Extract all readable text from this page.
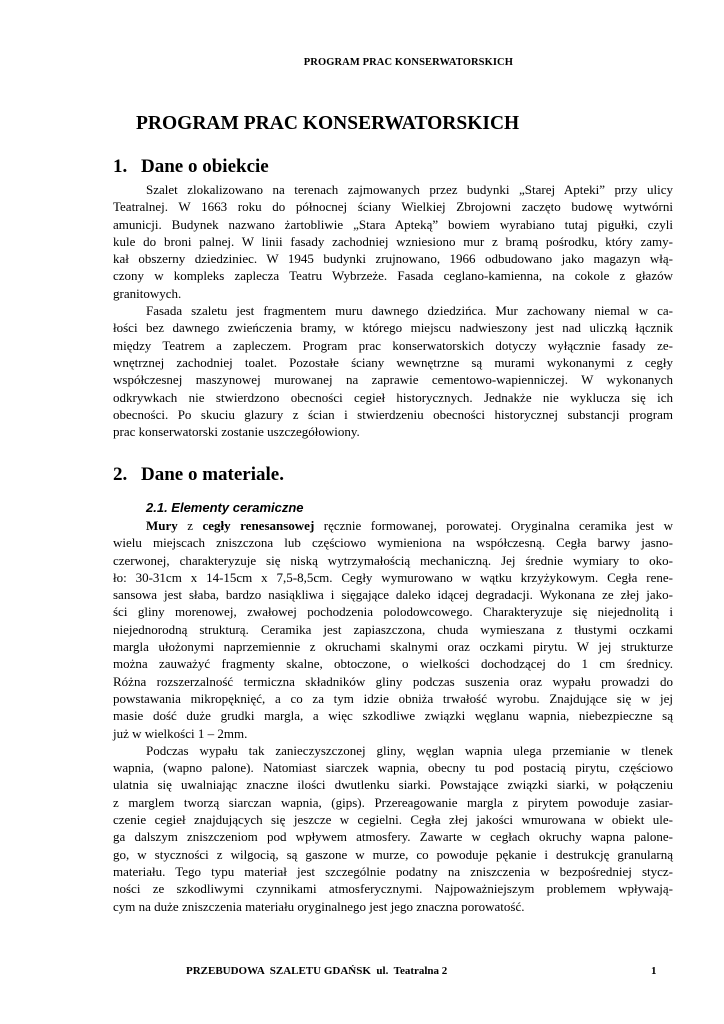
PROGRAM PRAC KONSERWATORSKICH
PROGRAM PRAC KONSERWATORSKICH
1. Dane o obiekcie
Szalet zlokalizowano na terenach zajmowanych przez budynki „Starej Apteki” przy ulicy
Teatralnej. W 1663 roku do północnej ściany Wielkiej Zbrojowni zaczęto budowę wytwórni
amunicji. Budynek nazwano żartobliwie „Stara Apteką” bowiem wyrabiano tutaj pigułki, czyli
kule do broni palnej. W linii fasady zachodniej wzniesiono mur z bramą pośrodku, który zamy-
kał obszerny dziedziniec. W 1945 budynki zrujnowano, 1966 odbudowano jako magazyn włą-
czony w kompleks zaplecza Teatru Wybrzeże. Fasada ceglano-kamienna, na cokole z głazów
granitowych.
Fasada szaletu jest fragmentem muru dawnego dziedzińca. Mur zachowany niemal w ca-
łości bez dawnego zwieńczenia bramy, w którego miejscu nadwieszony jest nad uliczką łącznik
między Teatrem a zapleczem. Program prac konserwatorskich dotyczy wyłącznie fasady ze-
wnętrznej zachodniej toalet. Pozostałe ściany wewnętrzne są murami wykonanymi z cegły
współczesnej maszynowej murowanej na zaprawie cementowo-wapienniczej. W wykonanych
odkrywkach nie stwierdzono obecności cegieł historycznych. Jednakże nie wyklucza się ich
obecności. Po skuciu glazury z ścian i stwierdzeniu obecności historycznej substancji program
prac konserwatorski zostanie uszczegółowiony.
2. Dane o materiale.
2.1. Elementy ceramiczne
Mury z cegły renesansowej ręcznie formowanej, porowatej. Oryginalna ceramika jest w
wielu miejscach zniszczona lub częściowo wymieniona na współczesną. Cegła barwy jasno-
czerwonej, charakteryzuje się niską wytrzymałością mechaniczną. Jej średnie wymiary to oko-
ło: 30-31cm x 14-15cm x 7,5-8,5cm. Cegły wymurowano w wątku krzyżykowym. Cegła rene-
sansowa jest słaba, bardzo nasiąkliwa i sięgające daleko idącej degradacji. Wykonana ze złej jako-
ści gliny morenowej, zwałowej pochodzenia polodowcowego. Charakteryzuje się niejednolitą i
niejednorodną strukturą. Ceramika jest zapiaszczona, chuda wymieszana z tłustymi oczkami
margla ułożonymi naprzemiennie z okruchami skalnymi oraz oczkami pirytu. W jej strukturze
można zauważyć fragmenty skalne, obtoczone, o wielkości dochodzącej do 1 cm średnicy.
Różna rozszerzalność termiczna składników gliny podczas suszenia oraz wypału prowadzi do
powstawania mikropęknięć, a co za tym idzie obniża trwałość wyrobu. Znajdujące się w jej
masie dość duże grudki margla, a więc szkodliwe związki węglanu wapnia, niebezpieczne są
już w wielkości 1 – 2mm.
Podczas wypału tak zanieczyszczonej gliny, węglan wapnia ulega przemianie w tlenek
wapnia, (wapno palone). Natomiast siarczek wapnia, obecny tu pod postacią pirytu, częściowo
ulatnia się uwalniając znaczne ilości dwutlenku siarki. Powstające związki siarki, w połączeniu
z marglem tworzą siarczan wapnia, (gips). Przereagowanie margla z pirytem powoduje zasiar-
czenie cegieł znajdujących się jeszcze w cegielni. Cegła złej jakości wmurowana w obiekt ule-
ga dalszym zniszczeniom pod wpływem atmosfery. Zawarte w cegłach okruchy wapna palone-
go, w styczności z wilgocią, są gaszone w murze, co powoduje pękanie i destrukcję granularną
materiału. Tego typu materiał jest szczególnie podatny na zniszczenia w bezpośredniej stycz-
ności ze szkodliwymi czynnikami atmosferycznymi. Najpoważniejszym problemem wpływają-
cym na duże zniszczenia materiału oryginalnego jest jego znaczna porowatość.
PRZEBUDOWA  SZALETU GDAŃSK  ul.  Teatralna 2	1
